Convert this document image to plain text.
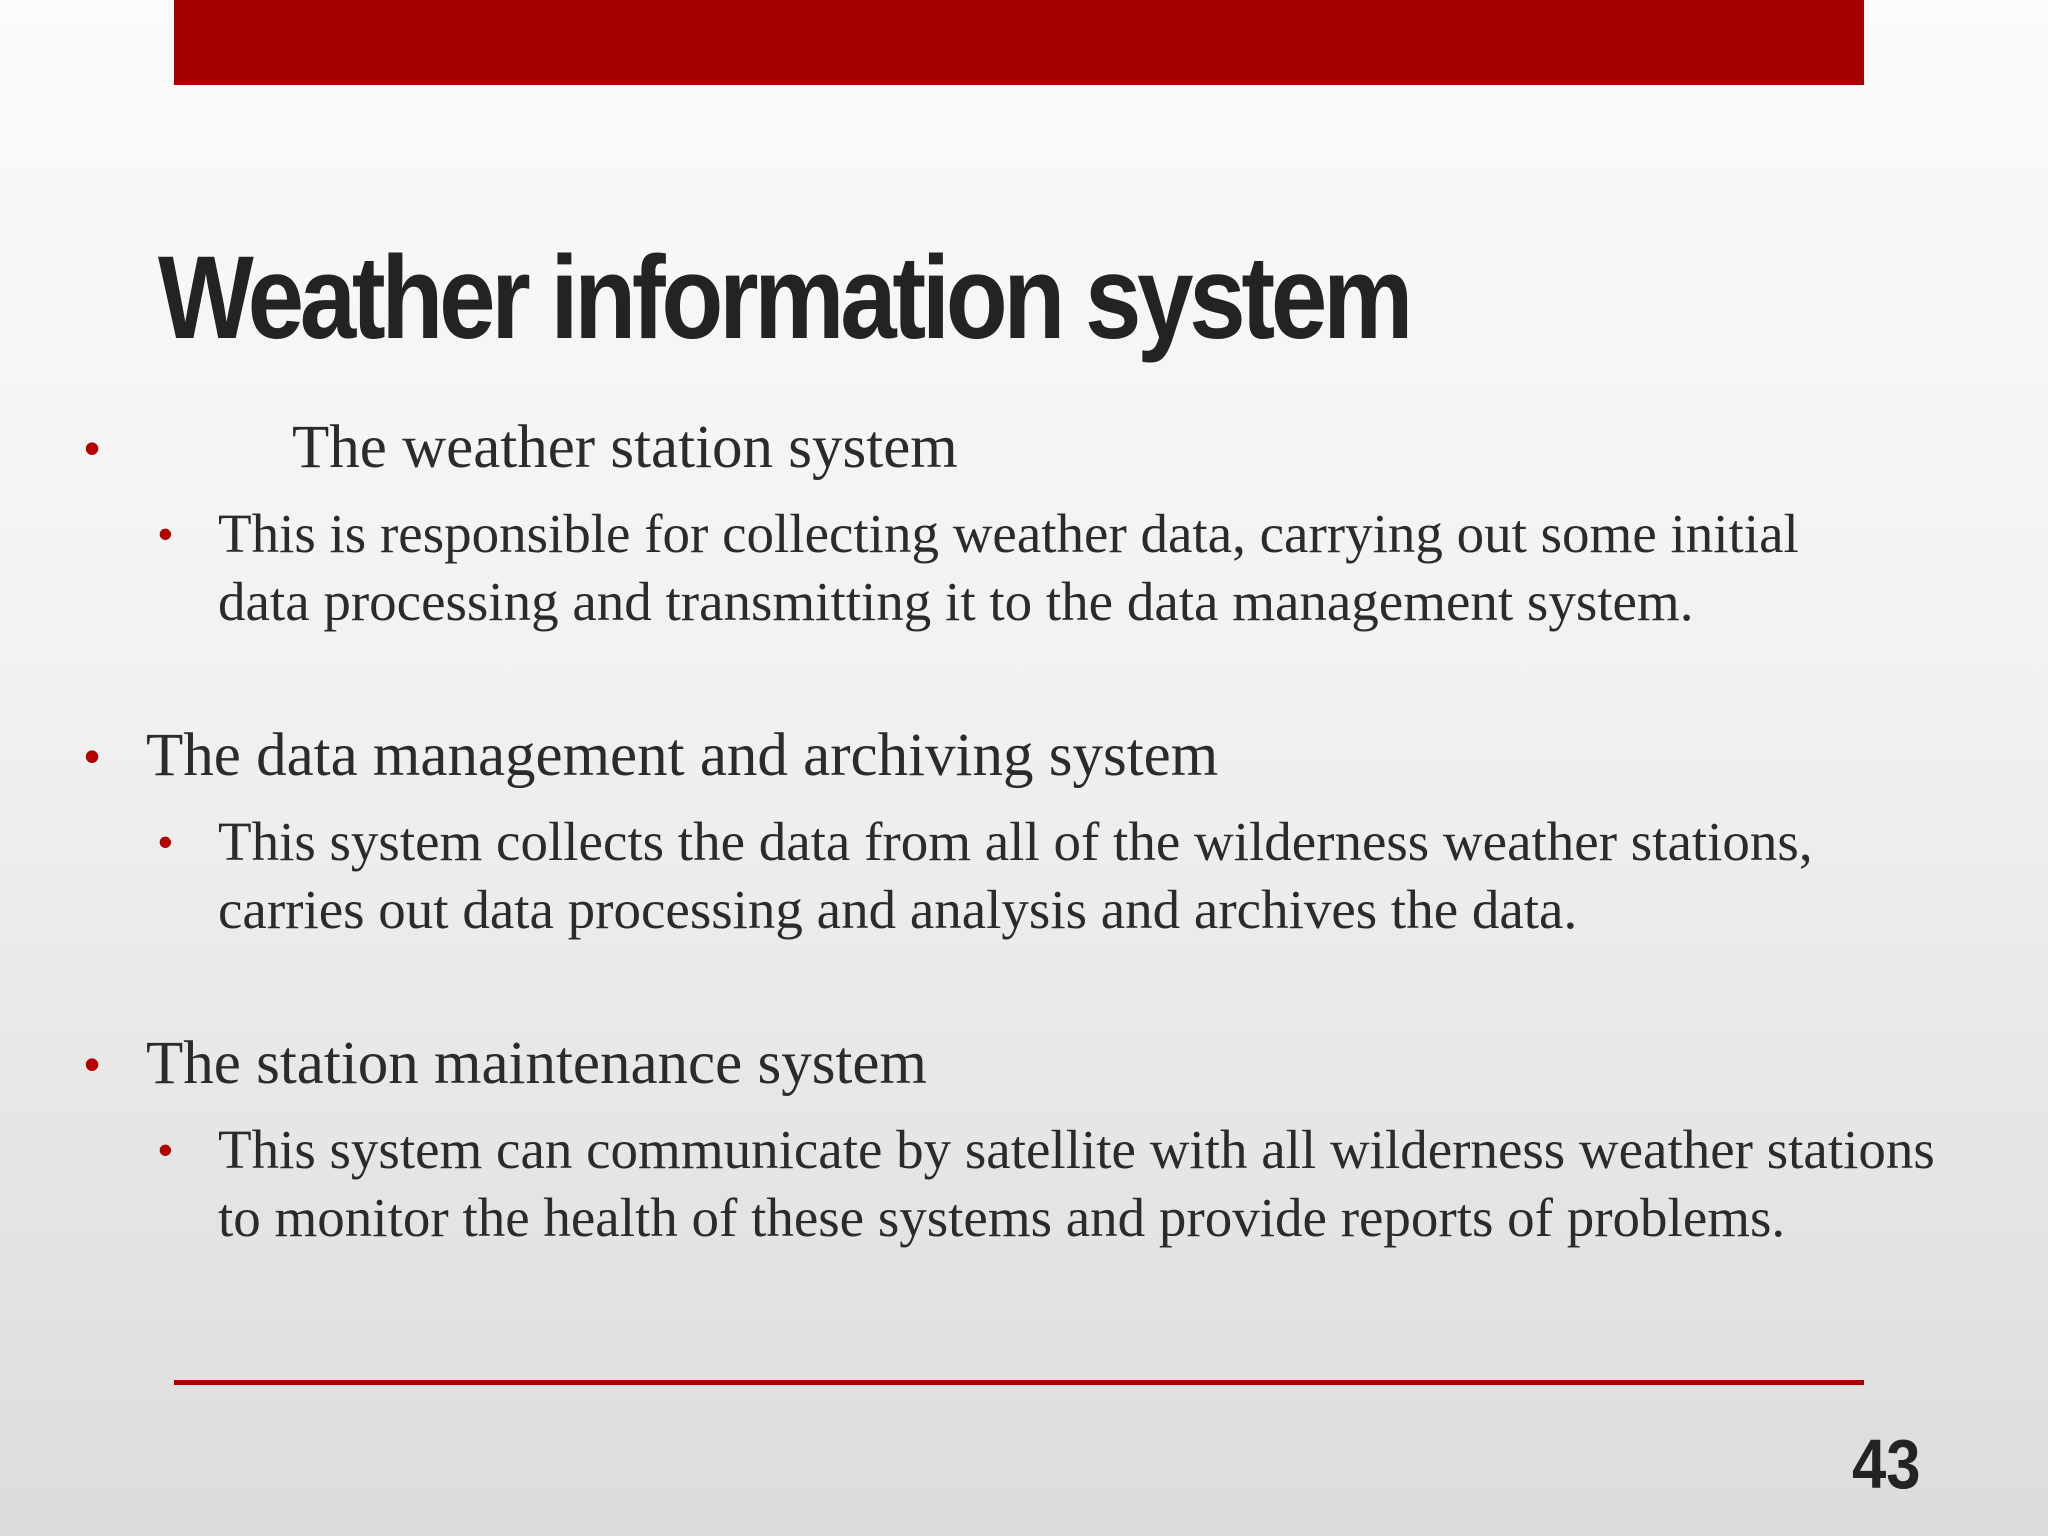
Weather information system
•	The weather station system
• This is responsible for collecting weather data, carrying out some initial data processing and transmitting it to the data management system.

• The data management and archiving system
• This system collects the data from all of the wilderness weather stations, carries out data processing and analysis and archives the data.

• The station maintenance system
• This system can communicate by satellite with all wilderness weather stations to monitor the health of these systems and provide reports of problems.

43
